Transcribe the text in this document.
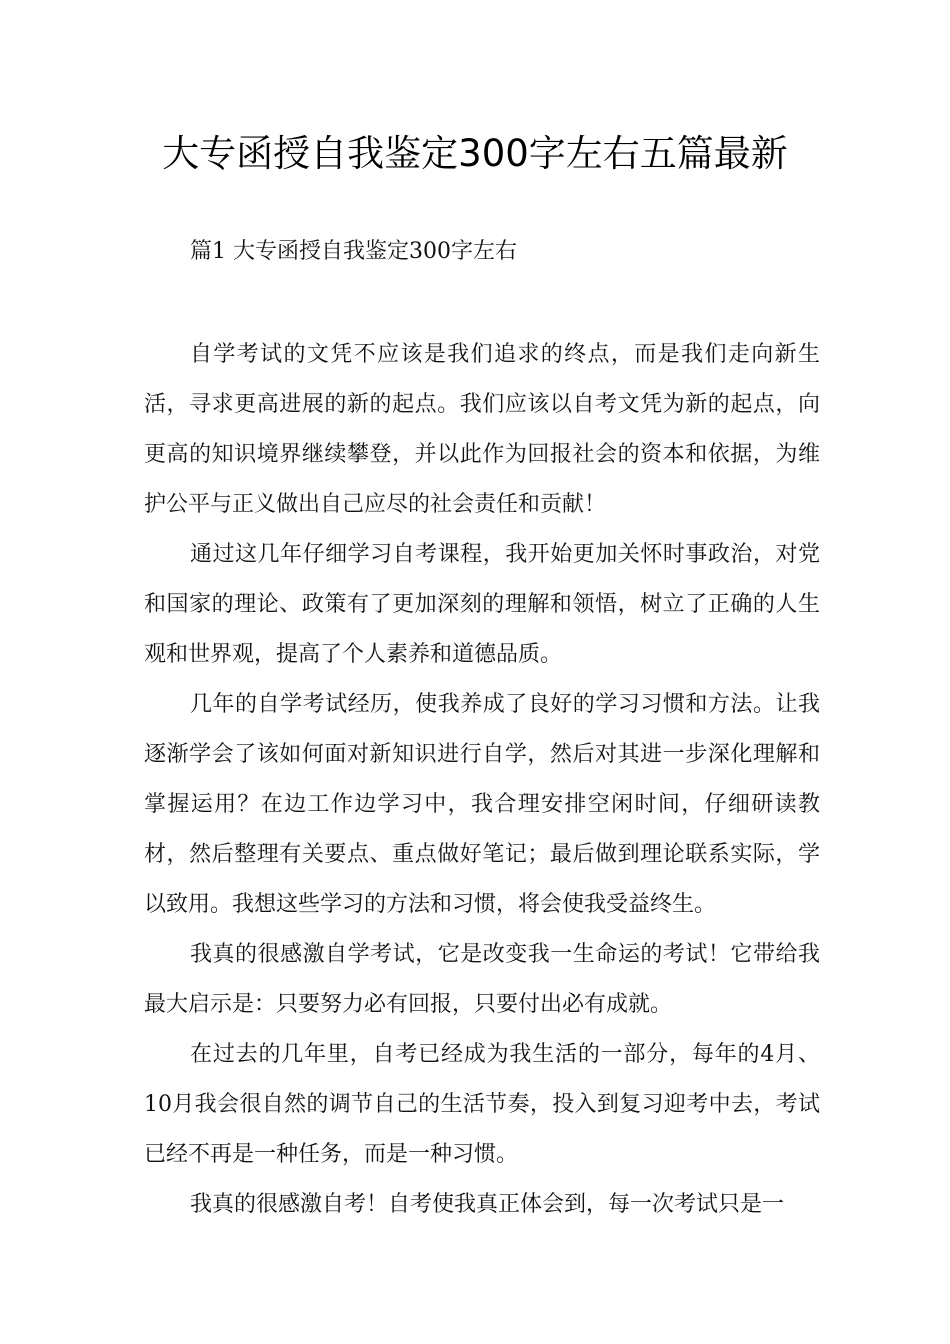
大专函授自我鉴定300字左右五篇最新

篇1 大专函授自我鉴定300字左右

自学考试的文凭不应该是我们追求的终点，而是我们走向新生活，寻求更高进展的新的起点。我们应该以自考文凭为新的起点，向更高的知识境界继续攀登，并以此作为回报社会的资本和依据，为维护公平与正义做出自己应尽的社会责任和贡献！

通过这几年仔细学习自考课程，我开始更加关怀时事政治，对党和国家的理论、政策有了更加深刻的理解和领悟，树立了正确的人生观和世界观，提高了个人素养和道德品质。

几年的自学考试经历，使我养成了良好的学习习惯和方法。让我逐渐学会了该如何面对新知识进行自学，然后对其进一步深化理解和掌握运用？在边工作边学习中，我合理安排空闲时间，仔细研读教材，然后整理有关要点、重点做好笔记；最后做到理论联系实际，学以致用。我想这些学习的方法和习惯，将会使我受益终生。

我真的很感激自学考试，它是改变我一生命运的考试！它带给我最大启示是：只要努力必有回报，只要付出必有成就。

在过去的几年里，自考已经成为我生活的一部分，每年的4月、10月我会很自然的调节自己的生活节奏，投入到复习迎考中去，考试已经不再是一种任务，而是一种习惯。

我真的很感激自考！自考使我真正体会到，每一次考试只是一
